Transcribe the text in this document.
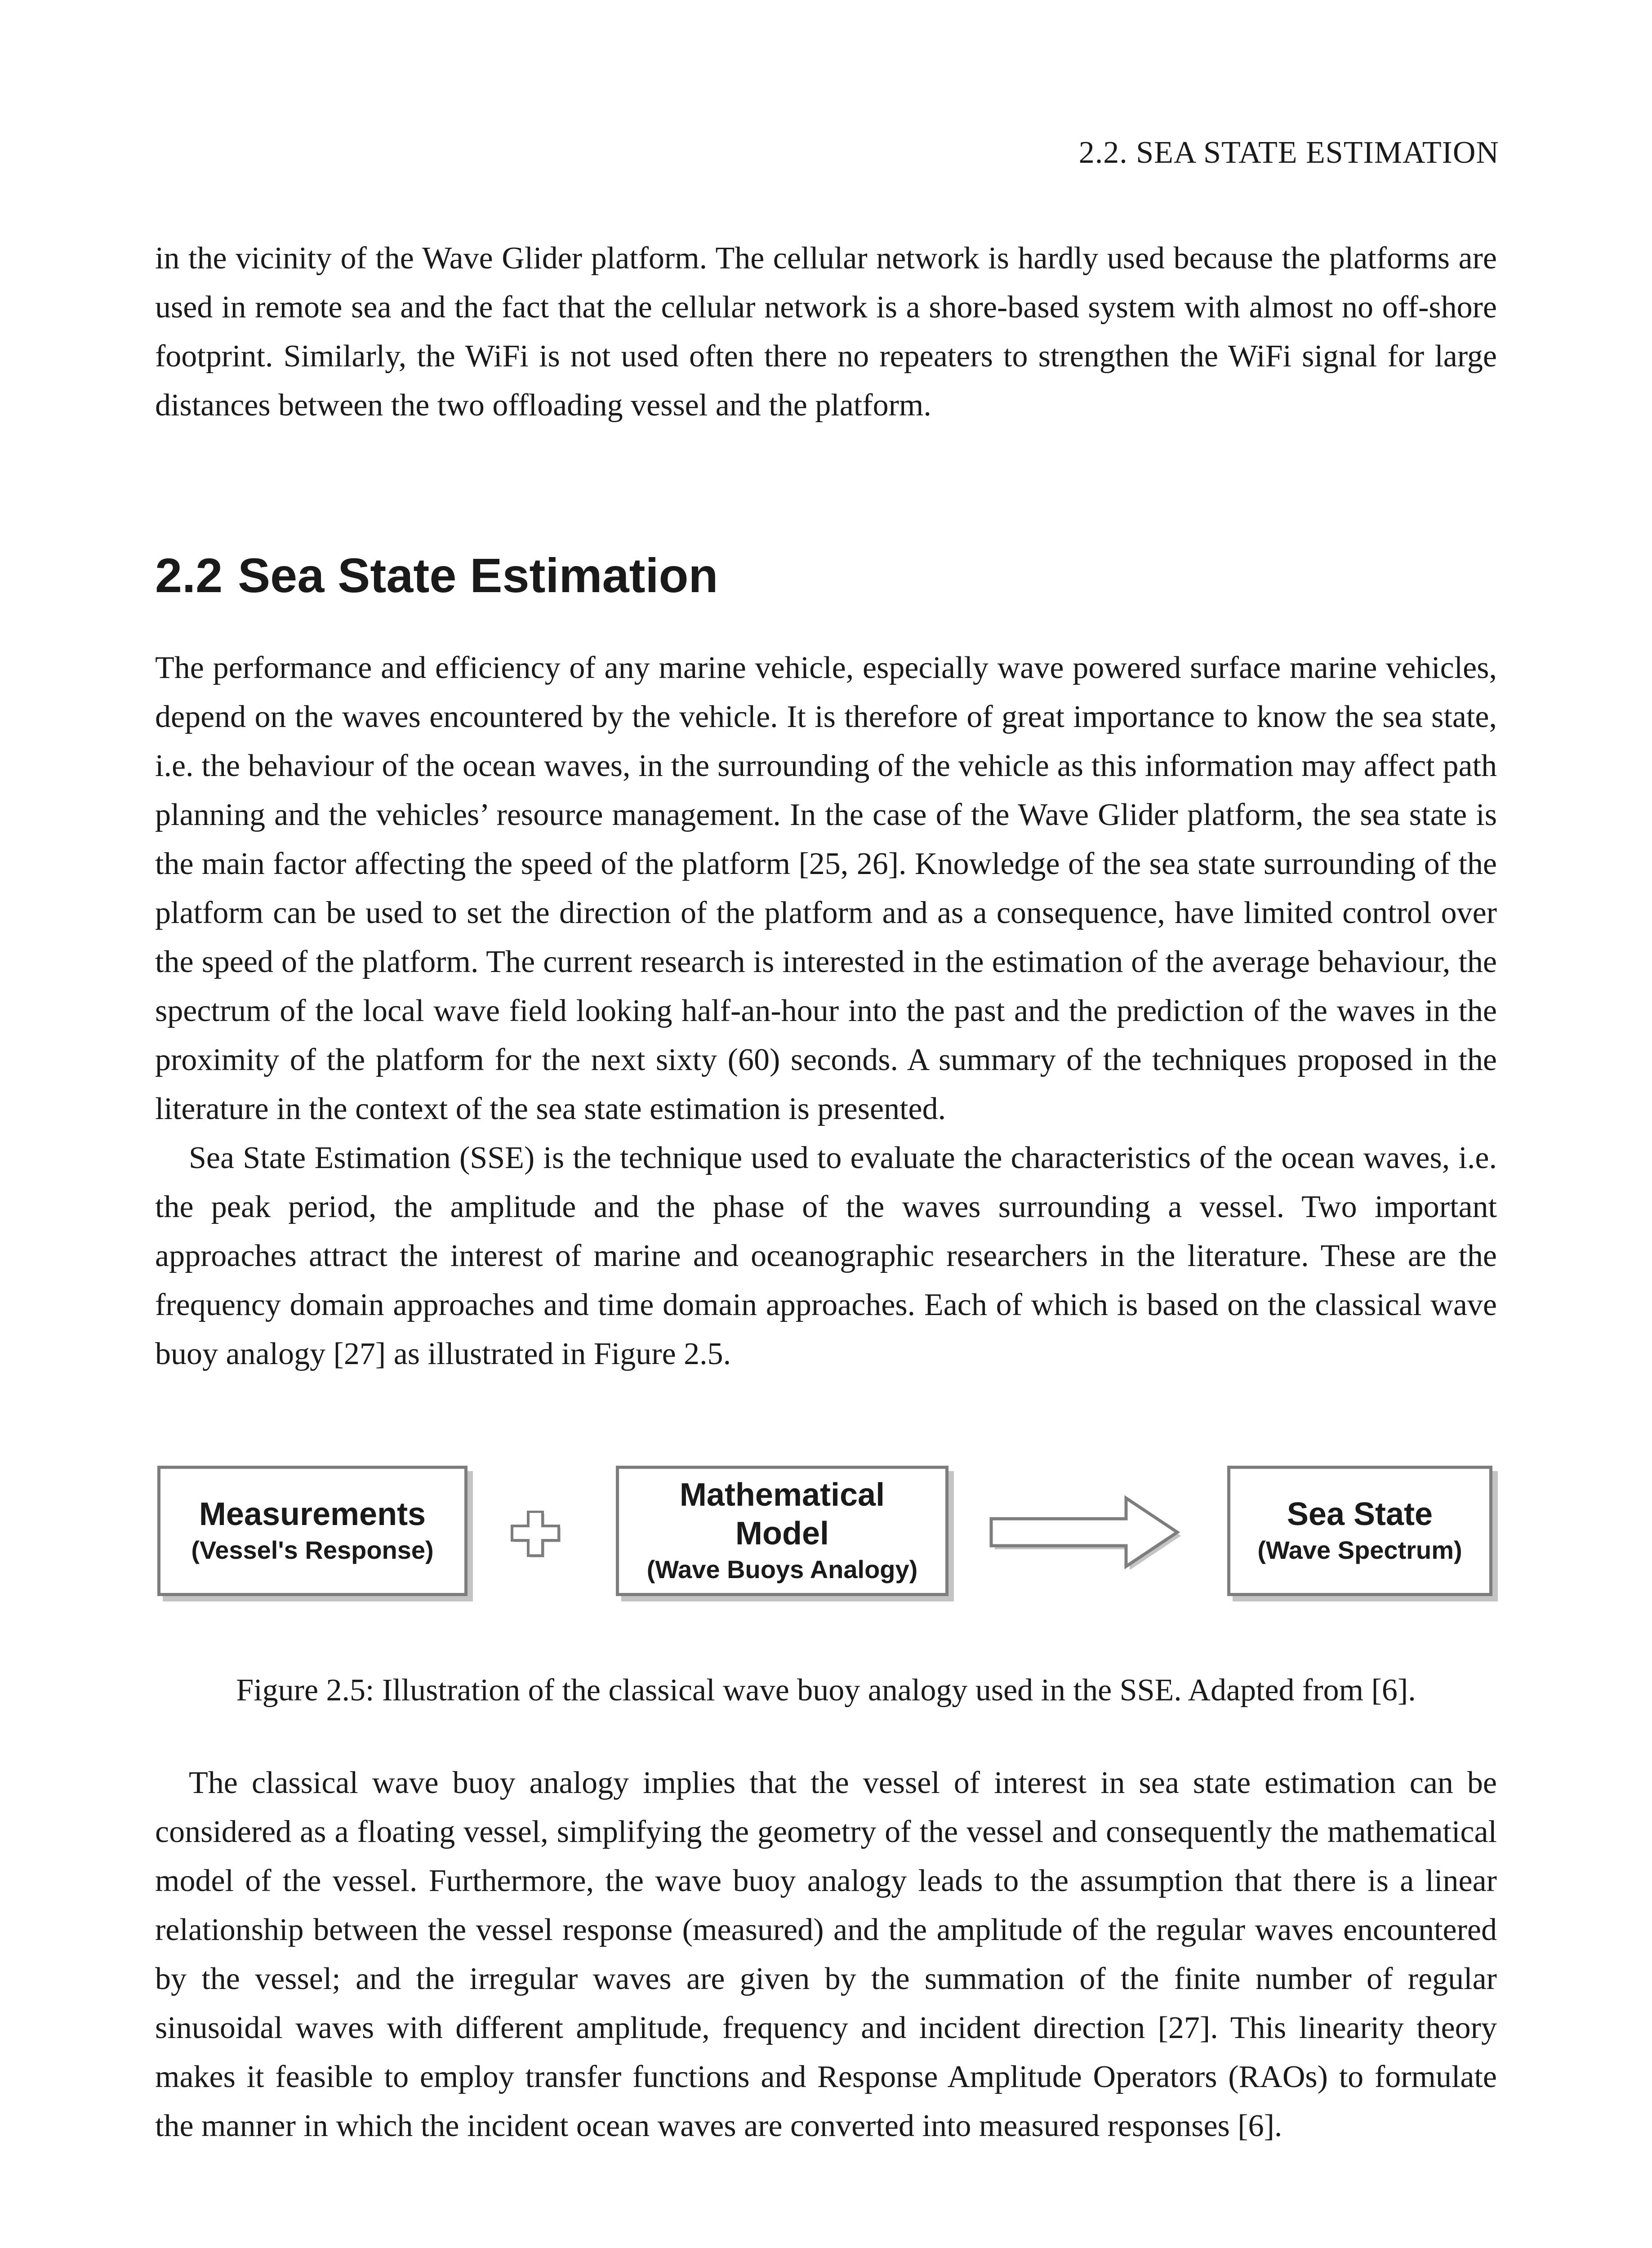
2.2. SEA STATE ESTIMATION

in the vicinity of the Wave Glider platform. The cellular network is hardly used because the platforms are used in remote sea and the fact that the cellular network is a shore-based system with almost no off-shore footprint. Similarly, the WiFi is not used often there no repeaters to strengthen the WiFi signal for large distances between the two offloading vessel and the platform.

2.2 Sea State Estimation

The performance and efficiency of any marine vehicle, especially wave powered surface marine vehicles, depend on the waves encountered by the vehicle. It is therefore of great importance to know the sea state, i.e. the behaviour of the ocean waves, in the surrounding of the vehicle as this information may affect path planning and the vehicles’ resource management. In the case of the Wave Glider platform, the sea state is the main factor affecting the speed of the platform [25, 26]. Knowledge of the sea state surrounding of the platform can be used to set the direction of the platform and as a consequence, have limited control over the speed of the platform. The current research is interested in the estimation of the average behaviour, the spectrum of the local wave field looking half-an-hour into the past and the prediction of the waves in the proximity of the platform for the next sixty (60) seconds. A summary of the techniques proposed in the literature in the context of the sea state estimation is presented.

Sea State Estimation (SSE) is the technique used to evaluate the characteristics of the ocean waves, i.e. the peak period, the amplitude and the phase of the waves surrounding a vessel. Two important approaches attract the interest of marine and oceanographic researchers in the literature. These are the frequency domain approaches and time domain approaches. Each of which is based on the classical wave buoy analogy [27] as illustrated in Figure 2.5.

Measurements
(Vessel's Response)
Mathematical
Model
(Wave Buoys Analogy)
Sea State
(Wave Spectrum)
Figure 2.5: Illustration of the classical wave buoy analogy used in the SSE. Adapted from [6].

The classical wave buoy analogy implies that the vessel of interest in sea state estimation can be considered as a floating vessel, simplifying the geometry of the vessel and consequently the mathematical model of the vessel. Furthermore, the wave buoy analogy leads to the assumption that there is a linear relationship between the vessel response (measured) and the amplitude of the regular waves encountered by the vessel; and the irregular waves are given by the summation of the finite number of regular sinusoidal waves with different amplitude, frequency and incident direction [27]. This linearity theory makes it feasible to employ transfer functions and Response Amplitude Operators (RAOs) to formulate the manner in which the incident ocean waves are converted into measured responses [6].
